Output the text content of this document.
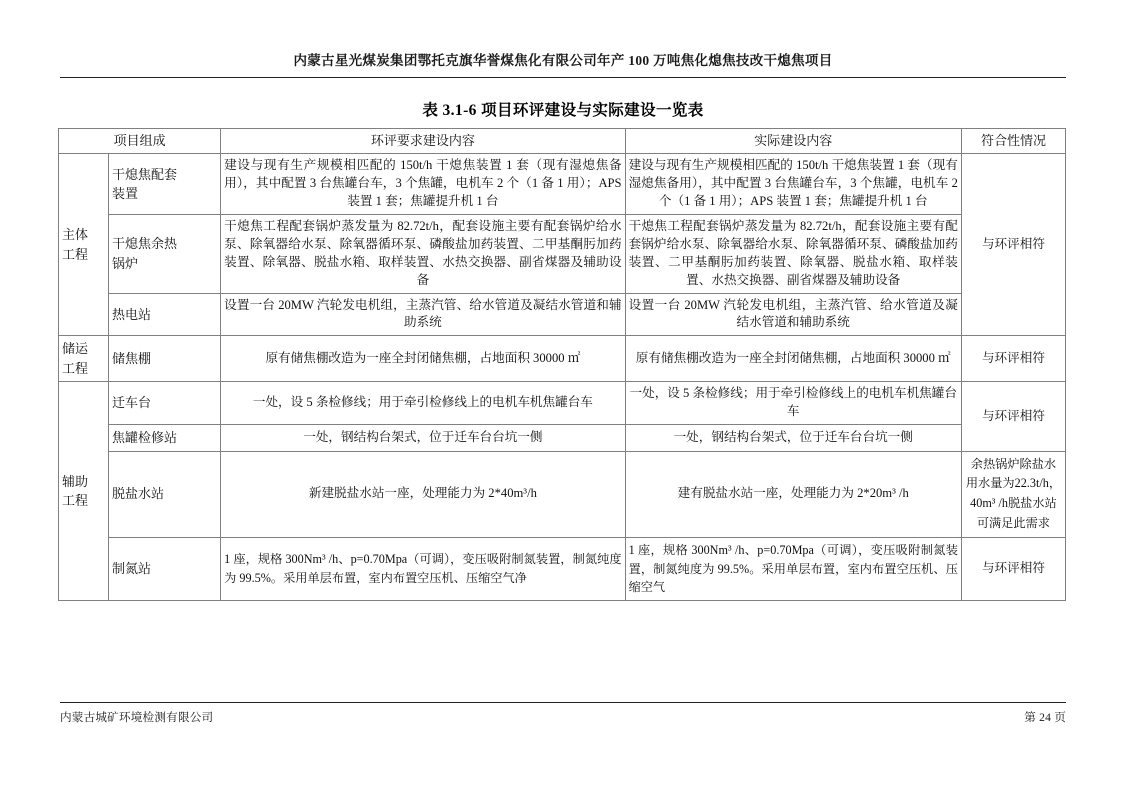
内蒙古星光煤炭集团鄂托克旗华誉煤焦化有限公司年产 100 万吨焦化熄焦技改干熄焦项目
表 3.1-6 项目环评建设与实际建设一览表
项目组成		环评要求建设内容	实际建设内容	符合性情况

主体
工程

干熄焦配套
装置
	建设与现有生产规模相匹配的 150t/h 干熄焦装置 1 套（现有湿熄焦备用），其中配置 3 台焦罐台车，3 个焦罐，电机车 2 个（1 备 1 用）；APS 装置 1 套；焦罐提升机 1 台	建设与现有生产规模相匹配的 150t/h 干熄焦装置 1 套（现有湿熄焦备用），其中配置 3 台焦罐台车，3 个焦罐，电机车 2 个（1 备 1 用）；APS 装置 1 套；焦罐提升机 1 台	与环评相符

	干熄焦余热
锅炉	干熄焦工程配套锅炉蒸发量为 82.72t/h，配套设施主要有配套锅炉给水泵、除氧器给水泵、除氧器循环泵、磷酸盐加药装置、二甲基酮肟加药装置、除氧器、脱盐水箱、取样装置、水热交换器、副省煤器及辅助设备	干熄焦工程配套锅炉蒸发量为 82.72t/h，配套设施主要有配套锅炉给水泵、除氧器给水泵、除氧器循环泵、磷酸盐加药装置、二甲基酮肟加药装置、除氧器、脱盐水箱、取样装置、水热交换器、副省煤器及辅助设备	
	热电站	设置一台 20MW 汽轮发电机组，主蒸汽管、给水管道及凝结水管道和辅助系统	设置一台 20MW 汽轮发电机组，主蒸汽管、给水管道及凝结水管道和辅助系统	

储运
工程	储焦棚	原有储焦棚改造为一座全封闭储焦棚，占地面积 30000 ㎡	原有储焦棚改造为一座全封闭储焦棚，占地面积 30000 ㎡	与环评相符

辅助
工程	迁车台	一处，设 5 条检修线；用于牵引检修线上的电机车机焦罐台车	一处，设 5 条检修线；用于牵引检修线上的电机车机焦罐台车	与环评相符
	焦罐检修站	一处，钢结构台架式，位于迁车台台坑一侧	一处，钢结构台架式，位于迁车台台坑一侧	
	脱盐水站	新建脱盐水站一座，处理能力为 2*40m³/h	建有脱盐水站一座，处理能力为 2*20m³ /h	余热锅炉除盐水用水量为22.3t/h，40m³ /h脱盐水站可满足此需求
	制氮站	1 座，规格 300Nm³ /h、p=0.70Mpa（可调），变压吸附制氮装置，制氮纯度为 99.5%。采用单层布置，室内布置空压机、压缩空气净	1 座，规格 300Nm³ /h、p=0.70Mpa（可调），变压吸附制氮装置，制氮纯度为 99.5%。采用单层布置，室内布置空压机、压缩空气	与环评相符
内蒙古城矿环境检测有限公司	第 24 页
